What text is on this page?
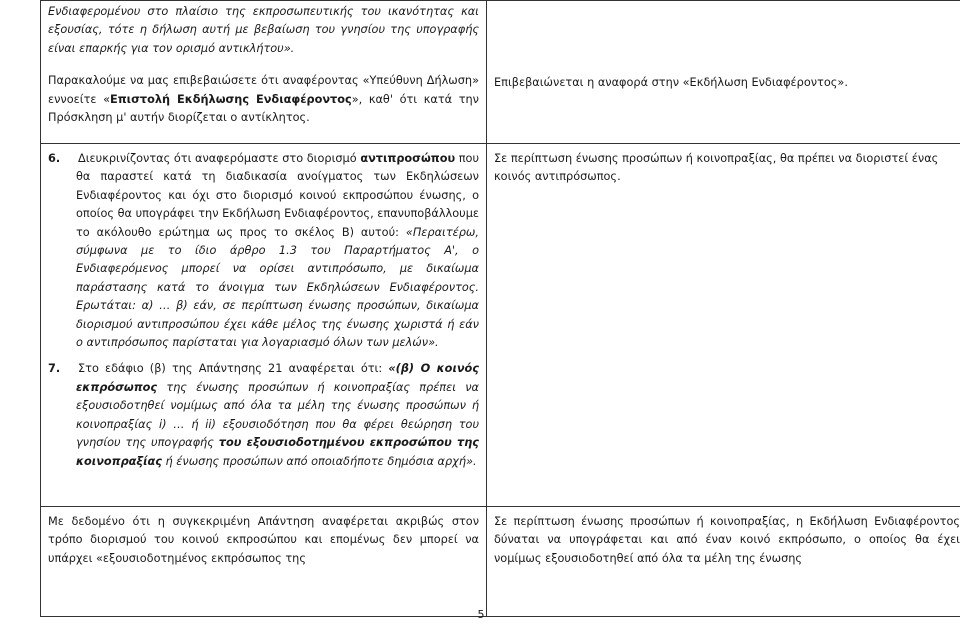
Ενδιαφερομένου στο πλαίσιο της εκπροσωπευτικής του ικανότητας και εξουσίας, τότε η δήλωση αυτή με βεβαίωση του γνησίου της υπογραφής είναι επαρκής για τον ορισμό αντικλήτου».
Παρακαλούμε να μας επιβεβαιώσετε ότι αναφέροντας «Υπεύθυνη Δήλωση» εννοείτε «Επιστολή Εκδήλωσης Ενδιαφέροντος», καθ' ότι κατά την Πρόσκληση μ' αυτήν διορίζεται ο αντίκλητος.	Επιβεβαιώνεται η αναφορά στην «Εκδήλωση Ενδιαφέροντος».

6. Διευκρινίζοντας ότι αναφερόμαστε στο διορισμό αντιπροσώπου που θα παραστεί κατά τη διαδικασία ανοίγματος των Εκδηλώσεων Ενδιαφέροντος και όχι στο διορισμό κοινού εκπροσώπου ένωσης, ο οποίος θα υπογράφει την Εκδήλωση Ενδιαφέροντος, επανυποβάλλουμε το ακόλουθο ερώτημα ως προς το σκέλος Β) αυτού: «Περαιτέρω, σύμφωνα με το ίδιο άρθρο 1.3 του Παραρτήματος Α', ο Ενδιαφερόμενος μπορεί να ορίσει αντιπρόσωπο, με δικαίωμα παράστασης κατά το άνοιγμα των Εκδηλώσεων Ενδιαφέροντος. Ερωτάται: α) … β) εάν, σε περίπτωση ένωσης προσώπων, δικαίωμα διορισμού αντιπροσώπου έχει κάθε μέλος της ένωσης χωριστά ή εάν ο αντιπρόσωπος παρίσταται για λογαριασμό όλων των μελών».
7. Στο εδάφιο (β) της Απάντησης 21 αναφέρεται ότι: «(β) Ο κοινός εκπρόσωπος της ένωσης προσώπων ή κοινοπραξίας πρέπει να εξουσιοδοτηθεί νομίμως από όλα τα μέλη της ένωσης προσώπων ή κοινοπραξίας i) … ή ii) εξουσιοδότηση που θα φέρει θεώρηση του γνησίου της υπογραφής του εξουσιοδοτημένου εκπροσώπου της κοινοπραξίας ή ένωσης προσώπων από οποιαδήποτε δημόσια αρχή».	Σε περίπτωση ένωσης προσώπων ή κοινοπραξίας, θα πρέπει να διοριστεί ένας κοινός αντιπρόσωπος.

Με δεδομένο ότι η συγκεκριμένη Απάντηση αναφέρεται ακριβώς στον τρόπο διορισμού του κοινού εκπροσώπου και επομένως δεν μπορεί να υπάρχει «εξουσιοδοτημένος εκπρόσωπος της	Σε περίπτωση ένωσης προσώπων ή κοινοπραξίας, η Εκδήλωση Ενδιαφέροντος δύναται να υπογράφεται και από έναν κοινό εκπρόσωπο, ο οποίος θα έχει νομίμως εξουσιοδοτηθεί από όλα τα μέλη της ένωσης
5
